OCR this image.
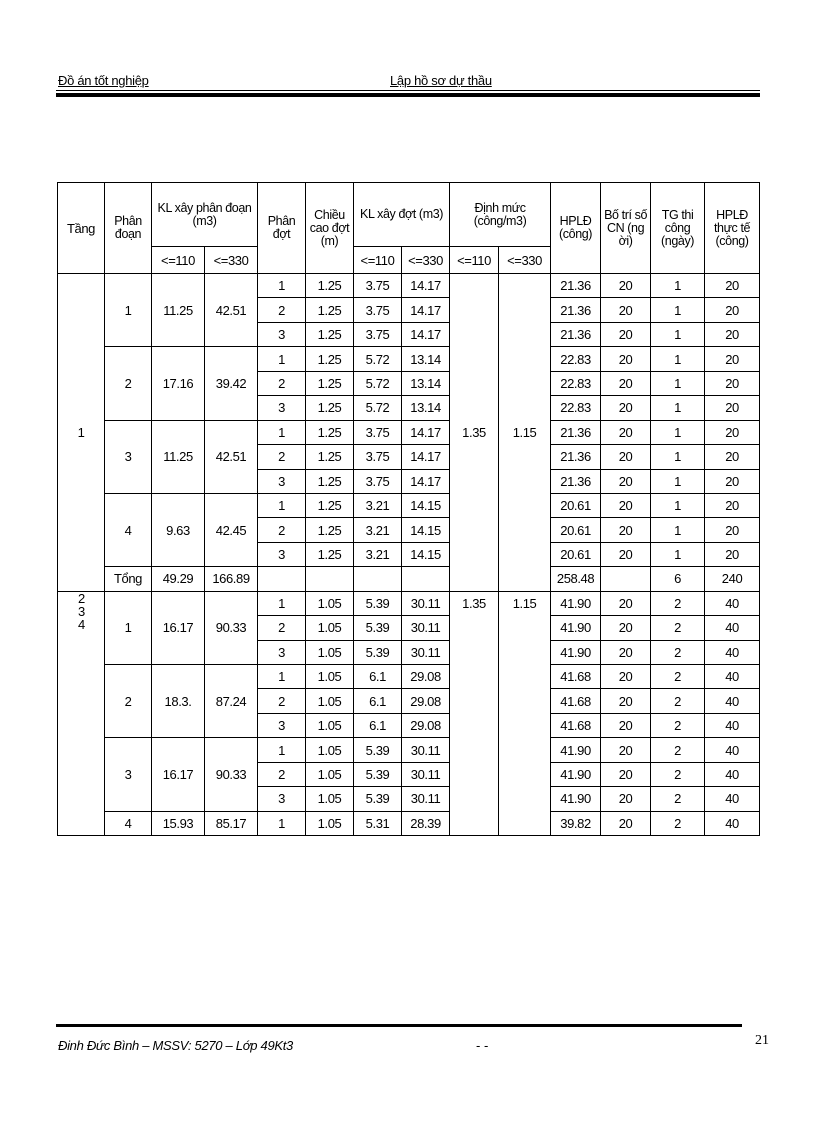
Đồ án tốt nghiệp	Lập hồ sơ dự thầu
Tầng	Phân đoạn	KL xây phân đoạn (m3)		Phân đợt	Chiều cao đợt (m)	KL xây đợt (m3)		Định mức (công/m3)		HPLĐ (công)	Bố trí số CN (ng ời)	TG thi công (ngày)	HPLĐ thực tế (công)
		<=110	<=330			<=110	<=330	<=110	<=330				
1	1	11.25	42.51	1	1.25	3.75	14.17	1.35	1.15	21.36	20	1	20
				2	1.25	3.75	14.17			21.36	20	1	20
				3	1.25	3.75	14.17			21.36	20	1	20
	2	17.16	39.42	1	1.25	5.72	13.14			22.83	20	1	20
				2	1.25	5.72	13.14			22.83	20	1	20
				3	1.25	5.72	13.14			22.83	20	1	20
	3	11.25	42.51	1	1.25	3.75	14.17			21.36	20	1	20
				2	1.25	3.75	14.17			21.36	20	1	20
				3	1.25	3.75	14.17			21.36	20	1	20
	4	9.63	42.45	1	1.25	3.21	14.15			20.61	20	1	20
				2	1.25	3.21	14.15			20.61	20	1	20
				3	1.25	3.21	14.15			20.61	20	1	20
	Tổng	49.29	166.89							258.48		6	240

2
3
4	1	16.17	90.33	1	1.05	5.39	30.11	1.35	1.15	41.90	20	2	40
				2	1.05	5.39	30.11			41.90	20	2	40
				3	1.05	5.39	30.11			41.90	20	2	40
	2	18.3.	87.24	1	1.05	6.1	29.08			41.68	20	2	40
				2	1.05	6.1	29.08			41.68	20	2	40
				3	1.05	6.1	29.08			41.68	20	2	40
	3	16.17	90.33	1	1.05	5.39	30.11			41.90	20	2	40
				2	1.05	5.39	30.11			41.90	20	2	40
				3	1.05	5.39	30.11			41.90	20	2	40
	4	15.93	85.17	1	1.05	5.31	28.39			39.82	20	2	40
Đinh Đức Bình – MSSV: 5270 – Lớp 49Kt3	- -	21
